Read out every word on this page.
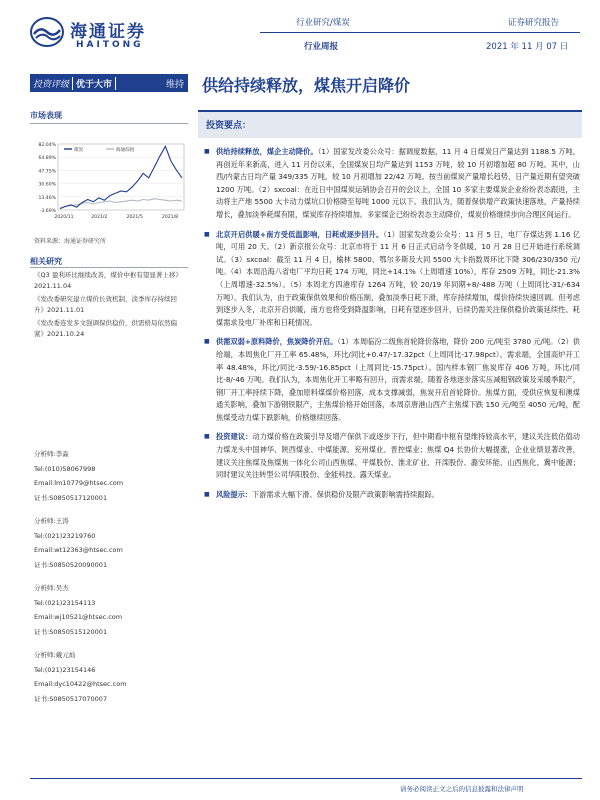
海通证券
HAITONG
行业研究/煤炭	证券研究报告
行业周报	2021 年 11 月 07 日
投资评级 优于大市	维持 供给持续释放，煤焦开启降价
市场表现
82.04%
64.89%
47.75%
30.60%
13.46%
-3.69%
2020/11	2021/2	2021/5	2021/8
煤炭	海通综指
资料来源：海通证券研究所
相关研究
《Q3 盈利环比继续改善，煤价中枢有望显著上移》2021.11.04
《发改委研究建立煤价长效机制，淡季库存持续回升》2021.11.01
《发改委连发多文强调保供稳价，供需格局依然偏紧》2021.10.24
分析师:李淼
Tel:(010)58067998
Email:lm10779@htsec.com
证书:S0850517120001
分析师:王涛
Tel:(021)23219760
Email:wt12363@htsec.com
证书:S0850520090001
分析师:吴杰
Tel:(021)23154113
Email:wj10521@htsec.com
证书:S0850515120001
分析师:戴元灿
Tel:(021)23154146
Email:dyc10422@htsec.com
证书:S0850517070007
投资要点：
■ 供给持续释放，煤企主动降价。（1）国家发改委公众号：据调度数据，11 月 4 日煤炭日产量达到 1188.5 万吨，再创近年来新高，进入 11 月份以来，全国煤炭日均产量达到 1153 万吨，较 10 月初增加超 80 万吨。其中，山西/内蒙古日均产量 349/335 万吨，较 10 月初增加 22/42 万吨。按当前煤炭产量增长趋势，日产量近期有望突破 1200 万吨。（2）sxcoal：在近日中国煤炭运销协会召开的会议上，全国 10 多家主要煤炭企业纷纷表态跟进，主动将主产地 5500 大卡动力煤坑口价格降至每吨 1000 元以下。我们认为，随着保供增产政策快速落地，产量持续增长，叠加淡季耗煤有限，煤炭库存持续增加。多家煤企已纷纷表态主动降价，煤炭价格继续步向合理区间运行。
■ 北京开启供暖+南方受低温影响，日耗或逐步回升。（1）国家发改委公众号：11 月 5 日，电厂存煤达到 1.16 亿吨，可用 20 天。（2）新京报公众号：北京市将于 11 月 6 日正式启动今冬供暖，10 月 28 日已开始进行系统调试。（3）sxcoal：截至 11 月 4 日，榆林 5800、鄂尔多斯及大同 5500 大卡指数周环比下降 306/230/350 元/吨。（4）本周沿海八省电厂平均日耗 174 万吨，同比+14.1%（上周增速 10%），库存 2509 万吨，同比-21.3%（上周增速-32.5%）。（5）本周北方四港库存 1264 万吨，较 20/19 年同期+8/-488 万吨（上周同比-31/-634 万吨）。我们认为，由于政策保供效果和价格压制，叠加淡季日耗下滑，库存持续增加，煤价持续快速回调。但考虑到逐步入冬，北京开启供暖，南方也将受到降温影响，日耗有望逐步回升，后续仍需关注保供稳价政策延续性、耗煤需求及电厂补库和日耗情况。
■ 供需双弱+原料降价，焦炭降价开启。（1）本周临汾二级焦首轮降价落地，降价 200 元/吨至 3780 元/吨。（2）供给端，本周焦化厂开工率 65.48%，环比/同比+0.47/-17.32pct（上周同比-17.98pct）。需求端，全国高炉开工率 48.48%，环比/同比-3.59/-16.85pct（上周同比-15.75pct）。国内样本钢厂焦炭库存 406 万吨，环比/同比-8/-46 万吨。我们认为，本周焦化开工率略有回升，而需求端，随着各地逐步落实压减粗钢政策及采暖季限产，钢厂开工率持续下降，叠加原料煤煤价格回落，成本支撑减弱，焦炭开启首轮降价。焦煤方面，受供应恢复和澳煤通关影响，叠加下游钢铁限产，主焦煤价格开始回落，本周京唐港山西产主焦煤下跌 150 元/吨至 4050 元/吨，配焦煤受动力煤下跌影响，价格继续回落。
■ 投资建议：动力煤价格在政策引导及增产保供下或逐步下行，但中期看中枢有望维持较高水平，建议关注低估值动力煤龙头中国神华、陕西煤业、中煤能源、兖州煤业、晋控煤业；焦煤 Q4 长协价大幅提涨，企业业绩显著改善，建议关注焦煤及焦煤焦一体化公司山西焦煤、平煤股份、淮北矿业、开滦股份、潞安环能、山西焦化、冀中能源；同时建议关注转型公司华阳股份、金能科技、露天煤业。
■ 风险提示：下游需求大幅下滑、保供稳价及限产政策影响需持续跟踪。
请务必阅读正文之后的信息披露和法律声明
